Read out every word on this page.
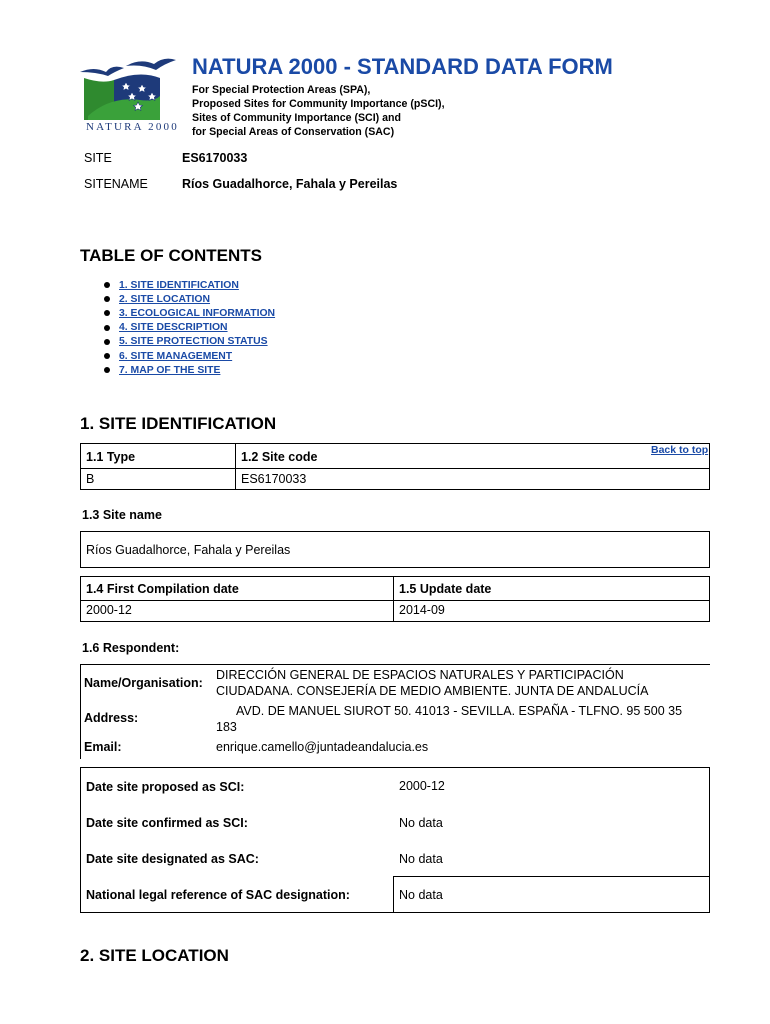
NATURA 2000
NATURA 2000 - STANDARD DATA FORM
For Special Protection Areas (SPA),
Proposed Sites for Community Importance (pSCI),
Sites of Community Importance (SCI) and
for Special Areas of Conservation (SAC)
SITE	ES6170033
SITENAME	Ríos Guadalhorce, Fahala y Pereilas
TABLE OF CONTENTS
1. SITE IDENTIFICATION
2. SITE LOCATION
3. ECOLOGICAL INFORMATION
4. SITE DESCRIPTION
5. SITE PROTECTION STATUS
6. SITE MANAGEMENT
7. MAP OF THE SITE
1. SITE IDENTIFICATION
1.1 Type	1.2 Site code	Back to top
B	ES6170033
1.3 Site name
Ríos Guadalhorce, Fahala y Pereilas
1.4 First Compilation date	1.5 Update date
2000-12	2014-09
1.6 Respondent:
Name/Organisation:
DIRECCIÓN GENERAL DE ESPACIOS NATURALES Y PARTICIPACIÓN
CIUDADANA. CONSEJERÍA DE MEDIO AMBIENTE. JUNTA DE ANDALUCÍA
Address:	AVD. DE MANUEL SIUROT 50. 41013 - SEVILLA. ESPAÑA - TLFNO. 95 500 35
183
Email:	enrique.camello@juntadeandalucia.es
Date site proposed as SCI:	2000-12
Date site confirmed as SCI:	No data
Date site designated as SAC:	No data
National legal reference of SAC designation:	No data
2. SITE LOCATION
